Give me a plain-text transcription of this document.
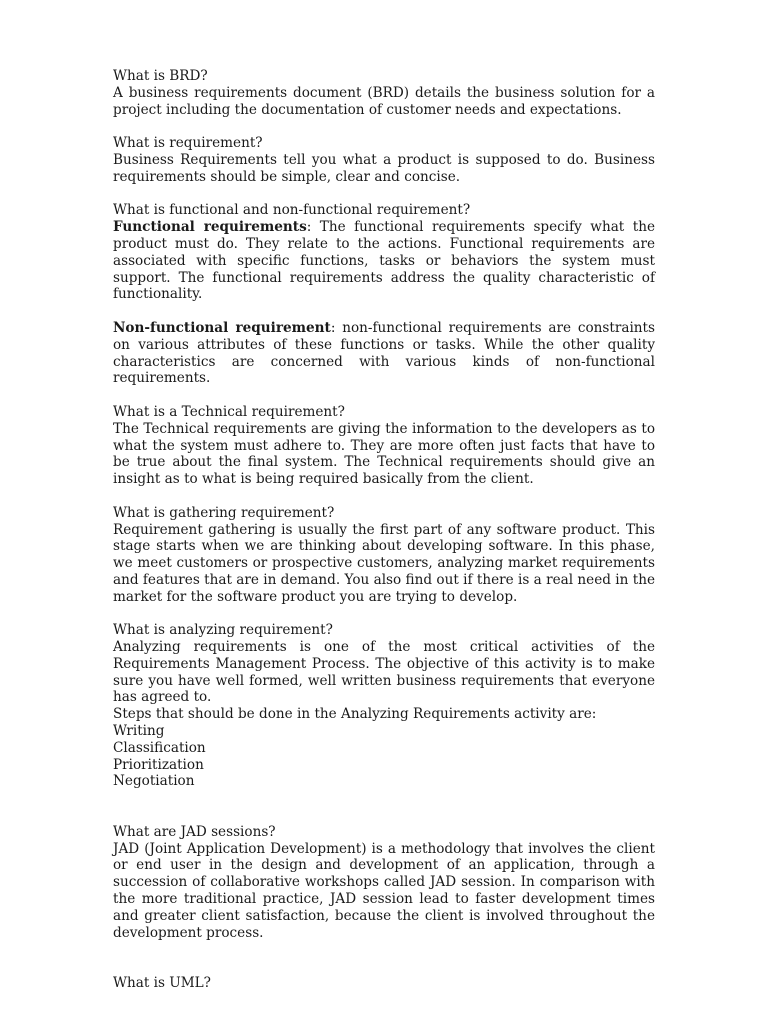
What is BRD?

A business requirements document (BRD) details the business solution for a project including the documentation of customer needs and expectations.

What is requirement?

Business Requirements tell you what a product is supposed to do. Business requirements should be simple, clear and concise.

What is functional and non-functional requirement?

Functional requirements: The functional requirements specify what the product must do. They relate to the actions. Functional requirements are associated with specific functions, tasks or behaviors the system must support. The functional requirements address the quality characteristic of functionality.

Non-functional requirement: non-functional requirements are constraints on various attributes of these functions or tasks. While the other quality characteristics are concerned with various kinds of non-functional requirements.

What is a Technical requirement?

The Technical requirements are giving the information to the developers as to what the system must adhere to. They are more often just facts that have to be true about the final system. The Technical requirements should give an insight as to what is being required basically from the client.

What is gathering requirement?

Requirement gathering is usually the first part of any software product. This stage starts when we are thinking about developing software. In this phase, we meet customers or prospective customers, analyzing market requirements and features that are in demand. You also find out if there is a real need in the market for the software product you are trying to develop.

What is analyzing requirement?

Analyzing requirements is one of the most critical activities of the Requirements Management Process. The objective of this activity is to make sure you have well formed, well written business requirements that everyone has agreed to.

Steps that should be done in the Analyzing Requirements activity are:

Writing

Classification

Prioritization

Negotiation

What are JAD sessions?

JAD (Joint Application Development) is a methodology that involves the client or end user in the design and development of an application, through a succession of collaborative workshops called JAD session. In comparison with the more traditional practice, JAD session lead to faster development times and greater client satisfaction, because the client is involved throughout the development process.

What is UML?
